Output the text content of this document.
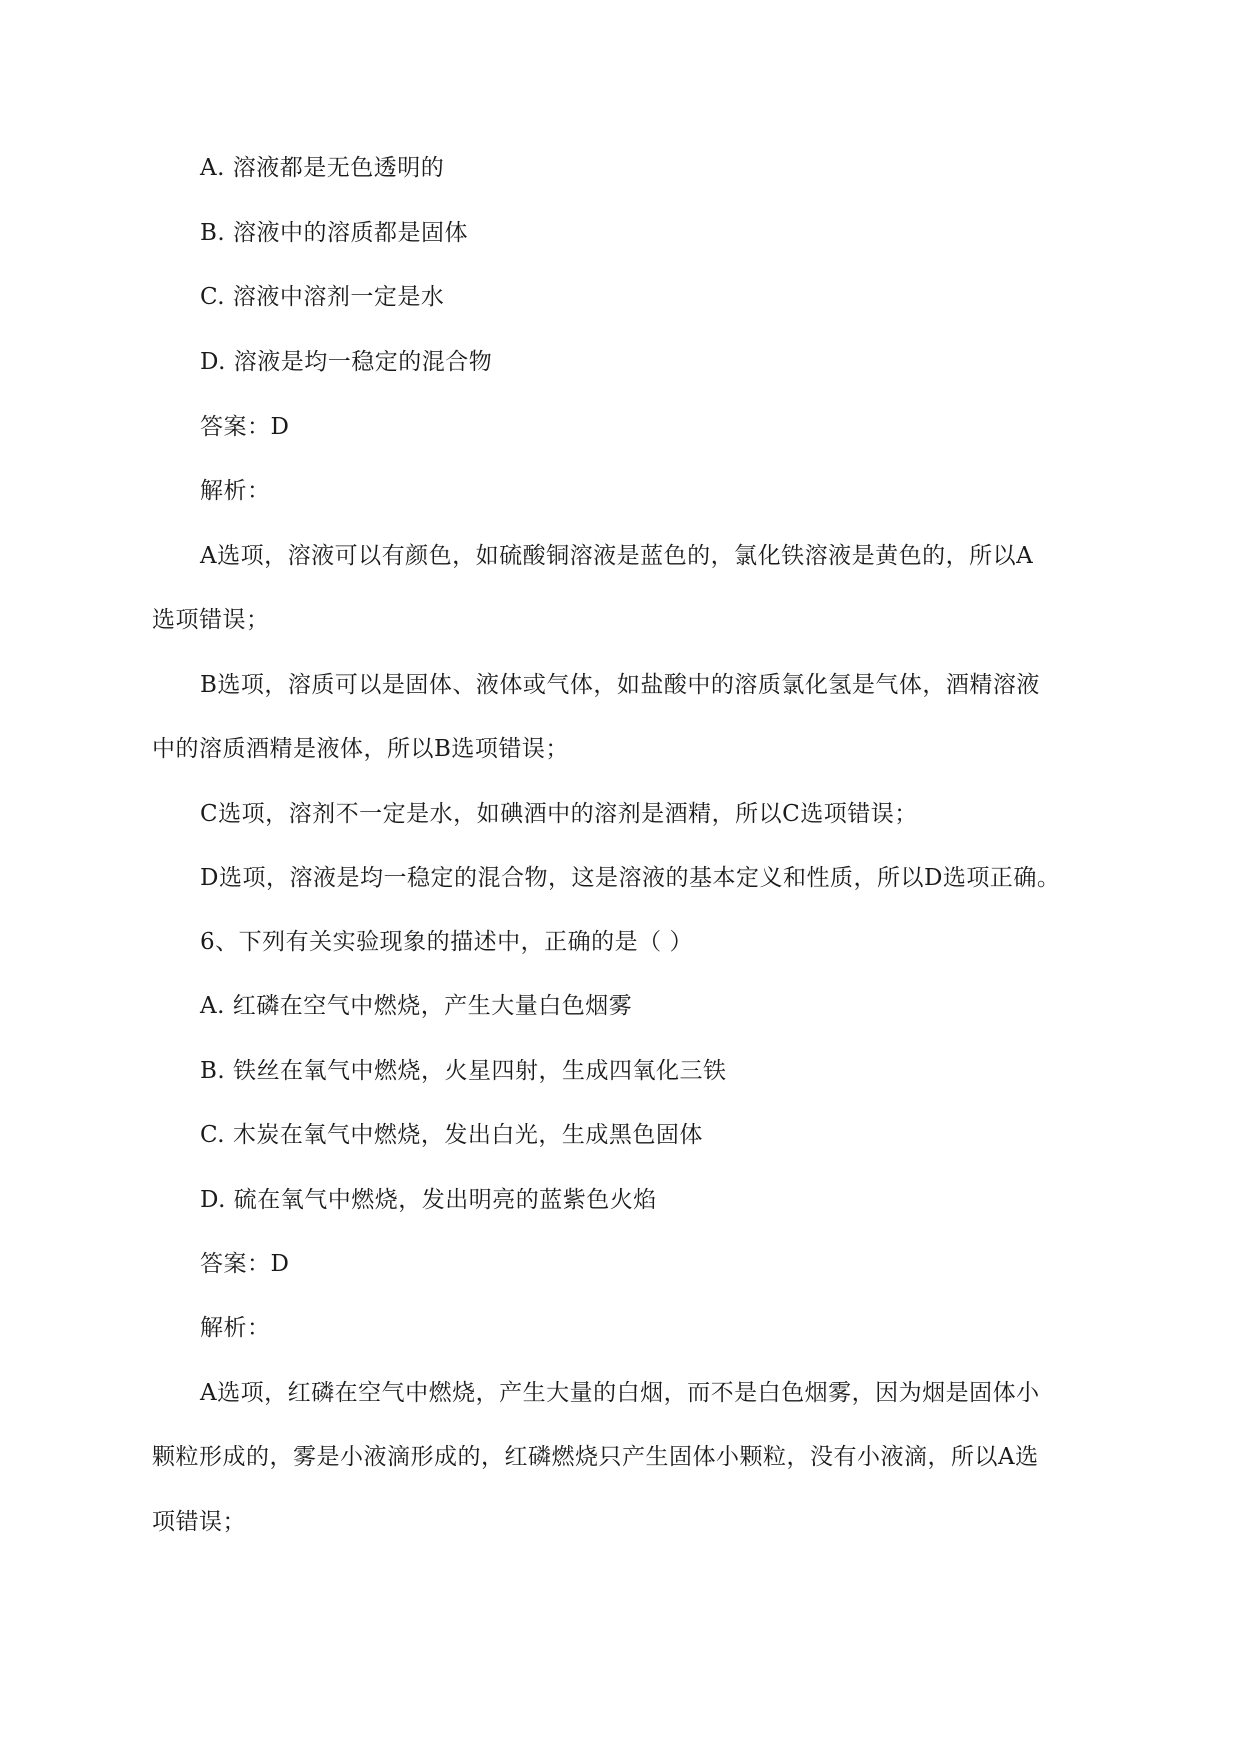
A. 溶液都是无色透明的
B. 溶液中的溶质都是固体
C. 溶液中溶剂一定是水
D. 溶液是均一稳定的混合物
答案：D
解析：
A选项，溶液可以有颜色，如硫酸铜溶液是蓝色的，氯化铁溶液是黄色的，所以A
选项错误；
B选项，溶质可以是固体、液体或气体，如盐酸中的溶质氯化氢是气体，酒精溶液
中的溶质酒精是液体，所以B选项错误；
C选项，溶剂不一定是水，如碘酒中的溶剂是酒精，所以C选项错误；
D选项，溶液是均一稳定的混合物，这是溶液的基本定义和性质，所以D选项正确。
6、下列有关实验现象的描述中，正确的是（ ）
A. 红磷在空气中燃烧，产生大量白色烟雾
B. 铁丝在氧气中燃烧，火星四射，生成四氧化三铁
C. 木炭在氧气中燃烧，发出白光，生成黑色固体
D. 硫在氧气中燃烧，发出明亮的蓝紫色火焰
答案：D
解析：
A选项，红磷在空气中燃烧，产生大量的白烟，而不是白色烟雾，因为烟是固体小
颗粒形成的，雾是小液滴形成的，红磷燃烧只产生固体小颗粒，没有小液滴，所以A选
项错误；
